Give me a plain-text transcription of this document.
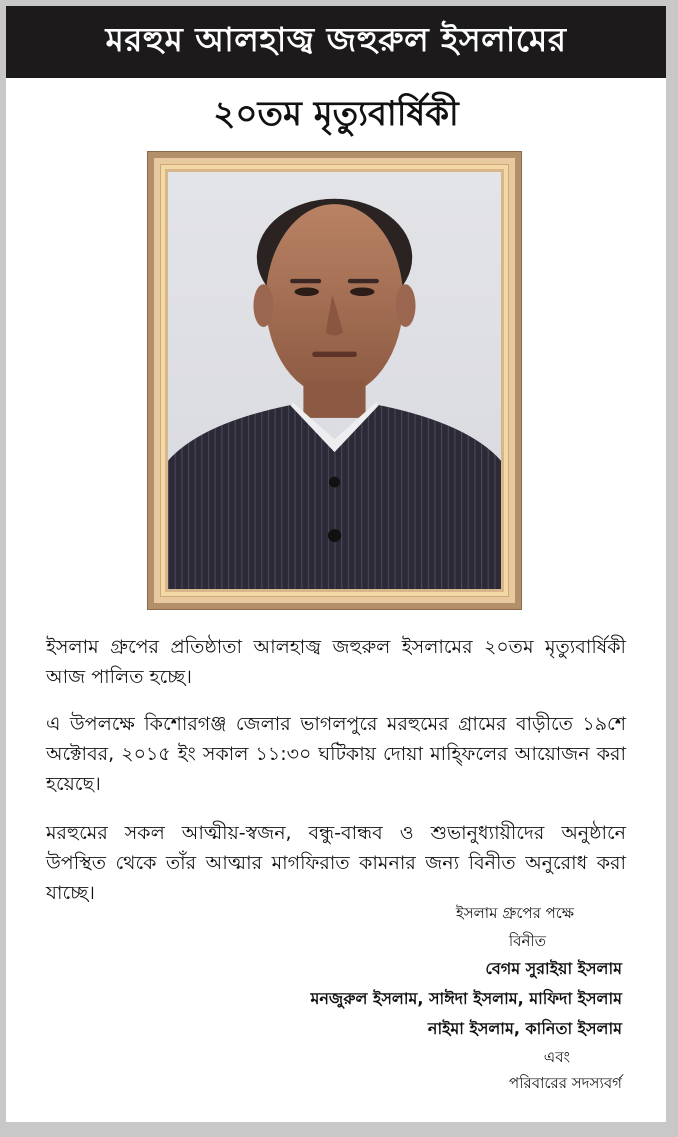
মরহুম আলহাজ্ব জহুরুল ইসলামের
২০তম মৃত্যুবার্ষিকী
ইসলাম গ্রুপের প্রতিষ্ঠাতা আলহাজ্ব জহুরুল ইসলামের ২০তম মৃত্যুবার্ষিকী আজ পালিত হচ্ছে।
এ উপলক্ষে কিশোরগঞ্জ জেলার ভাগলপুরে মরহুমের গ্রামের বাড়ীতে ১৯শে অক্টোবর, ২০১৫ ইং সকাল ১১:৩০ ঘটিকায় দোয়া মাহ্ফিলের আয়োজন করা হয়েছে।
মরহুমের সকল আত্মীয়-স্বজন, বন্ধু-বান্ধব ও শুভানুধ্যায়ীদের অনুষ্ঠানে উপস্থিত থেকে তাঁর আত্মার মাগফিরাত কামনার জন্য বিনীত অনুরোধ করা যাচ্ছে।
ইসলাম গ্রুপের পক্ষে
বিনীত
বেগম সুরাইয়া ইসলাম
মনজুরুল ইসলাম, সাঈদা ইসলাম, মাফিদা ইসলাম
নাইমা ইসলাম, কানিতা ইসলাম
এবং
পরিবারের সদস্যবর্গ
